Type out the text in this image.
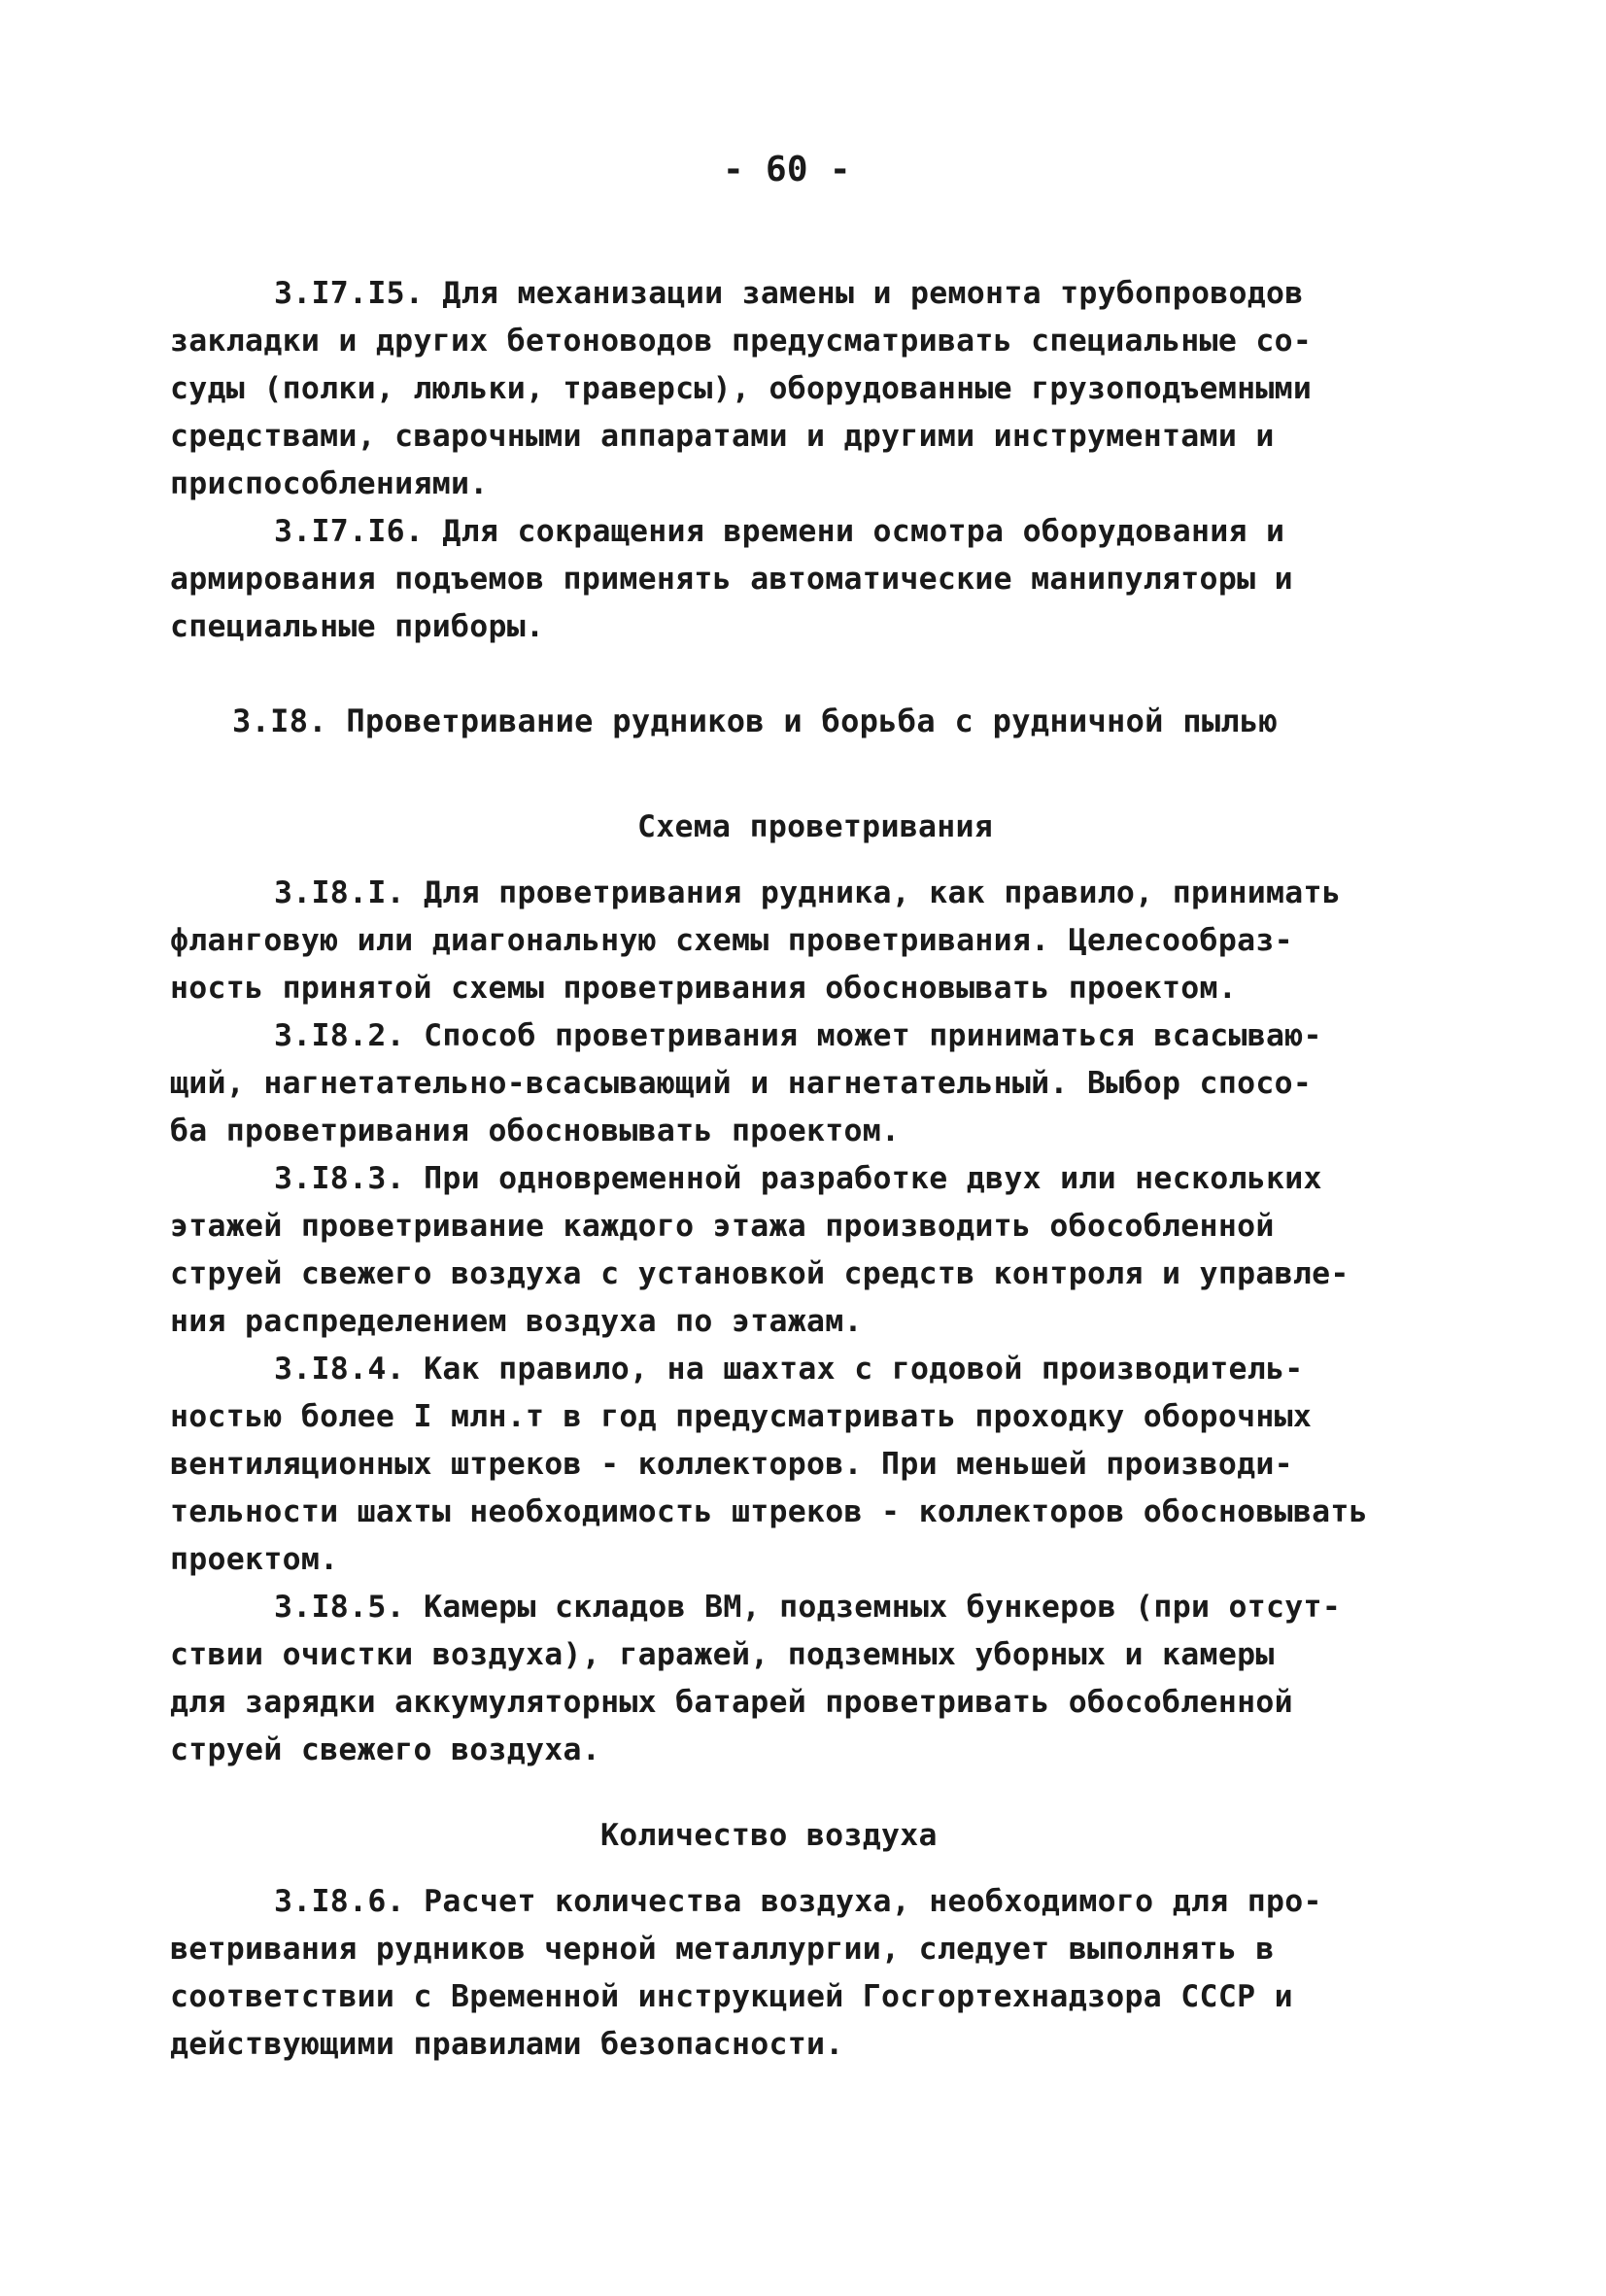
- 60 -
3.I7.I5. Для механизации замены и ремонта трубопроводов
закладки и других бетоноводов предусматривать специальные со-
суды (полки, люльки, траверсы), оборудованные грузоподъемными
средствами, сварочными аппаратами и другими инструментами и
приспособлениями.
3.I7.I6. Для сокращения времени осмотра оборудования и
армирования подъемов применять автоматические манипуляторы и
специальные приборы.
3.I8. Проветривание рудников и борьба с рудничной пылью
Схема проветривания
3.I8.I. Для проветривания рудника, как правило, принимать
фланговую или диагональную схемы проветривания. Целесообраз-
ность принятой схемы проветривания обосновывать проектом.
3.I8.2. Способ проветривания может приниматься всасываю-
щий, нагнетательно-всасывающий и нагнетательный. Выбор спосо-
ба проветривания обосновывать проектом.
3.I8.3. При одновременной разработке двух или нескольких
этажей проветривание каждого этажа производить обособленной
струей свежего воздуха с установкой средств контроля и управле-
ния распределением воздуха по этажам.
3.I8.4. Как правило, на шахтах с годовой производитель-
ностью более I млн.т в год предусматривать проходку оборочных
вентиляционных штреков - коллекторов. При меньшей производи-
тельности шахты необходимость штреков - коллекторов обосновывать
проектом.
3.I8.5. Камеры складов ВМ, подземных бункеров (при отсут-
ствии очистки воздуха), гаражей, подземных уборных и камеры
для зарядки аккумуляторных батарей проветривать обособленной
струей свежего воздуха.
Количество воздуха
3.I8.6. Расчет количества воздуха, необходимого для про-
ветривания рудников черной металлургии, следует выполнять в
соответствии с Временной инструкцией Госгортехнадзора СССР и
действующими правилами безопасности.
